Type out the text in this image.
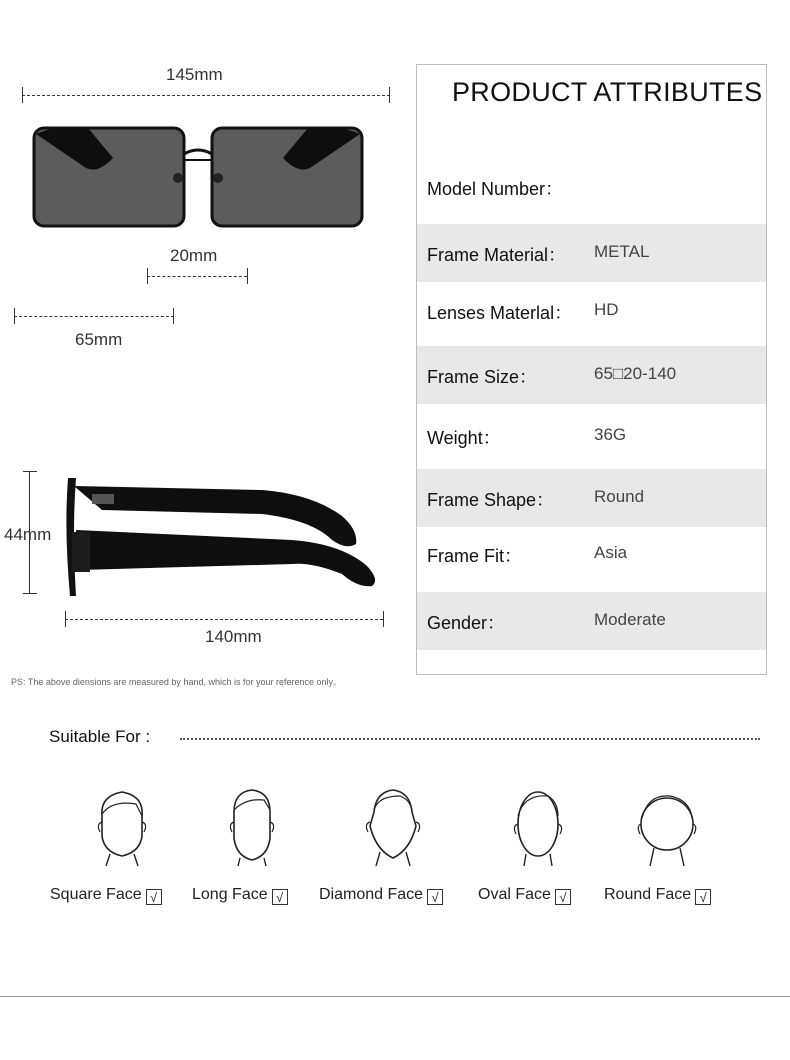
145mm
20mm
65mm
44mm
140mm
PRODUCT ATTRIBUTES
Model Number：
Frame Material： METAL
Lenses Materlal： HD
Frame Size：	65□20-140
Weight：	36G
Frame Shape： Round
Frame Fit：	Asia
Gender：	Moderate
PS: The above diensions are measured by hand, which is for your reference only。
Suitable For :
Square Face √ Long Face √ Diamond Face √ Oval Face √ Round Face √
